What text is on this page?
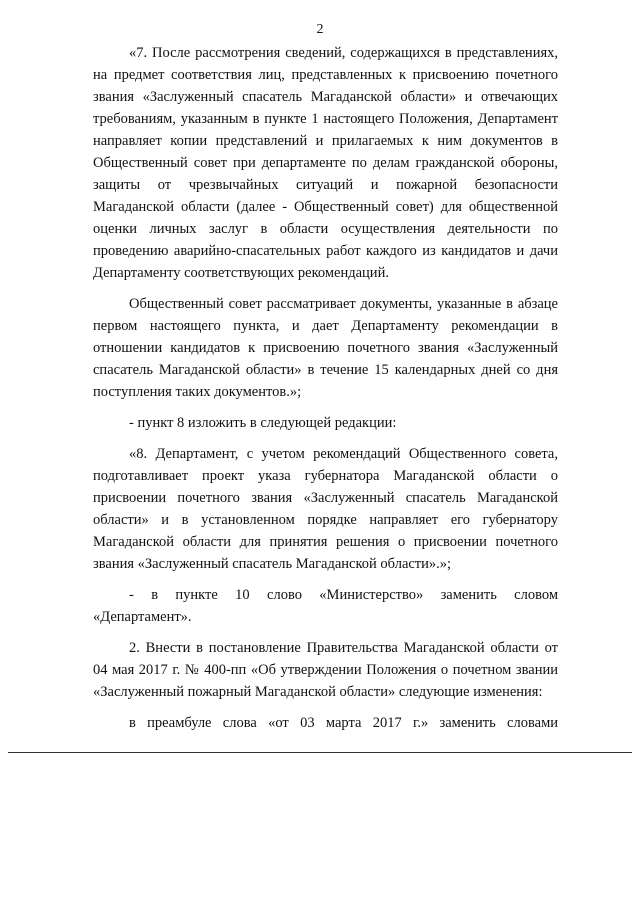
2

«7. После рассмотрения сведений, содержащихся в представлениях, на предмет соответствия лиц, представленных к присвоению почетного звания «Заслуженный спасатель Магаданской области» и отвечающих требованиям, указанным в пункте 1 настоящего Положения, Департамент направляет копии представлений и прилагаемых к ним документов в Общественный совет при департаменте по делам гражданской обороны, защиты от чрезвычайных ситуаций и пожарной безопасности Магаданской области (далее - Общественный совет) для общественной оценки личных заслуг в области осуществления деятельности по проведению аварийно-спасательных работ каждого из кандидатов и дачи Департаменту соответствующих рекомендаций.

Общественный совет рассматривает документы, указанные в абзаце первом настоящего пункта, и дает Департаменту рекомендации в отношении кандидатов к присвоению почетного звания «Заслуженный спасатель Магаданской области» в течение 15 календарных дней со дня поступления таких документов.»;

- пункт 8 изложить в следующей редакции:

«8. Департамент, с учетом рекомендаций Общественного совета, подготавливает проект указа губернатора Магаданской области о присвоении почетного звания «Заслуженный спасатель Магаданской области» и в установленном порядке направляет его губернатору Магаданской области для принятия решения о присвоении почетного звания «Заслуженный спасатель Магаданской области».»;

- в пункте 10 слово «Министерство» заменить словом «Департамент».

2. Внести в постановление Правительства Магаданской области от 04 мая 2017 г. № 400-пп «Об утверждении Положения о почетном звании «Заслуженный пожарный Магаданской области» следующие изменения:

в преамбуле слова «от 03 марта 2017 г.» заменить словами
